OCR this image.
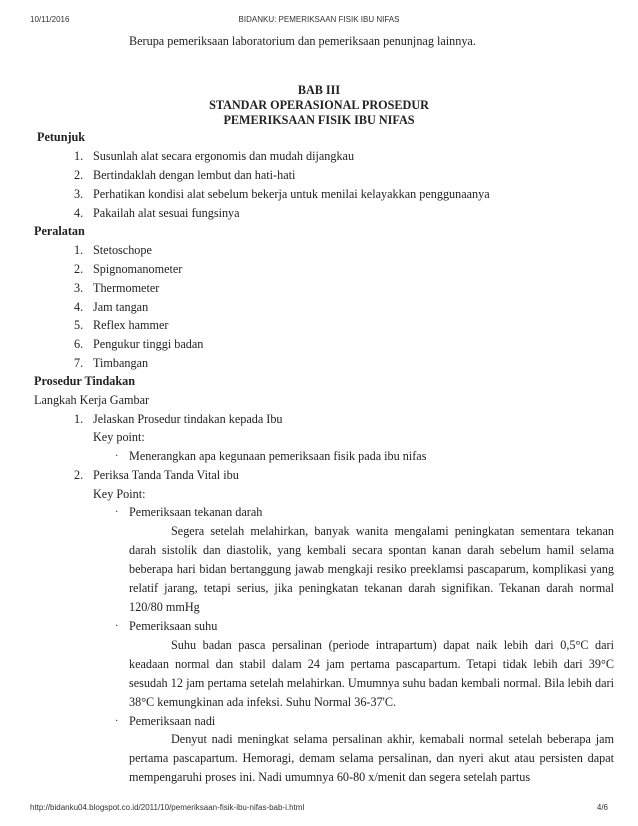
10/11/2016	BIDANKU: PEMERIKSAAN FISIK IBU NIFAS
Berupa pemeriksaan laboratorium dan pemeriksaan penunjnag lainnya.
BAB III
STANDAR OPERASIONAL PROSEDUR
PEMERIKSAAN FISIK IBU NIFAS
Petunjuk
1. Susunlah alat secara ergonomis dan mudah dijangkau
2. Bertindaklah dengan lembut dan hati-hati
3. Perhatikan kondisi alat sebelum bekerja untuk menilai kelayakkan penggunaanya
4. Pakailah alat sesuai fungsinya
Peralatan
1. Stetoschope
2. Spignomanometer
3. Thermometer
4. Jam tangan
5. Reflex hammer
6. Pengukur tinggi badan
7. Timbangan
Prosedur Tindakan
Langkah Kerja Gambar
1. Jelaskan Prosedur tindakan kepada Ibu
Key point:
· Menerangkan apa kegunaan pemeriksaan fisik pada ibu nifas
2. Periksa Tanda Tanda Vital ibu
Key Point:
· Pemeriksaan tekanan darah
Segera setelah melahirkan, banyak wanita mengalami peningkatan sementara tekanan darah sistolik dan diastolik, yang kembali secara spontan kanan darah sebelum hamil selama beberapa hari bidan bertanggung jawab mengkaji resiko preeklamsi pascaparum, komplikasi yang relatif jarang, tetapi serius, jika peningkatan tekanan darah signifikan. Tekanan darah normal 120/80 mmHg
· Pemeriksaan suhu
Suhu badan pasca persalinan (periode intrapartum) dapat naik lebih dari 0,5°C dari keadaan normal dan stabil dalam 24 jam pertama pascapartum. Tetapi tidak lebih dari 39°C sesudah 12 jam pertama setelah melahirkan. Umumnya suhu badan kembali normal. Bila lebih dari 38°C kemungkinan ada infeksi. Suhu Normal 36-37'C.
· Pemeriksaan nadi
Denyut nadi meningkat selama persalinan akhir, kemabali normal setelah beberapa jam pertama pascapartum. Hemoragi, demam selama persalinan, dan nyeri akut atau persisten dapat mempengaruhi proses ini. Nadi umumnya 60-80 x/menit dan segera setelah partus
http://bidanku04.blogspot.co.id/2011/10/pemeriksaan-fisik-ibu-nifas-bab-i.html	4/6
